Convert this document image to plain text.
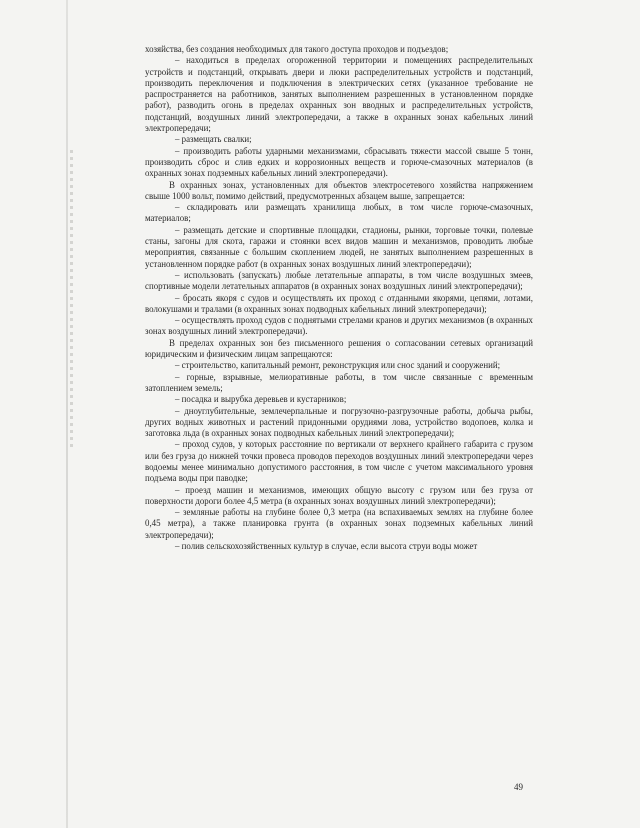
хозяйства, без создания необходимых для такого доступа проходов и подъездов;

– находиться в пределах огороженной территории и помещениях распределительных устройств и подстанций, открывать двери и люки распределительных устройств и подстанций, производить переключения и подключения в электрических сетях (указанное требование не распространяется на работников, занятых выполнением разрешенных в установленном порядке работ), разводить огонь в пределах охранных зон вводных и распределительных устройств, подстанций, воздушных линий электропередачи, а также в охранных зонах кабельных линий электропередачи;

– размещать свалки;

– производить работы ударными механизмами, сбрасывать тяжести массой свыше 5 тонн, производить сброс и слив едких и коррозионных веществ и горюче-смазочных материалов (в охранных зонах подземных кабельных линий электропередачи).

В охранных зонах, установленных для объектов электросетевого хозяйства напряжением свыше 1000 вольт, помимо действий, предусмотренных абзацем выше, запрещается:

– складировать или размещать хранилища любых, в том числе горюче-смазочных, материалов;

– размещать детские и спортивные площадки, стадионы, рынки, торговые точки, полевые станы, загоны для скота, гаражи и стоянки всех видов машин и механизмов, проводить любые мероприятия, связанные с большим скоплением людей, не занятых выполнением разрешенных в установленном порядке работ (в охранных зонах воздушных линий электропередачи);

– использовать (запускать) любые летательные аппараты, в том числе воздушных змеев, спортивные модели летательных аппаратов (в охранных зонах воздушных линий электропередачи);

– бросать якоря с судов и осуществлять их проход с отданными якорями, цепями, лотами, волокушами и тралами (в охранных зонах подводных кабельных линий электропередачи);

– осуществлять проход судов с поднятыми стрелами кранов и других механизмов (в охранных зонах воздушных линий электропередачи).

В пределах охранных зон без письменного решения о согласовании сетевых организаций юридическим и физическим лицам запрещаются:

– строительство, капитальный ремонт, реконструкция или снос зданий и сооружений;

– горные, взрывные, мелиоративные работы, в том числе связанные с временным затоплением земель;

– посадка и вырубка деревьев и кустарников;

– дноуглубительные, землечерпальные и погрузочно-разгрузочные работы, добыча рыбы, других водных животных и растений придонными орудиями лова, устройство водопоев, колка и заготовка льда (в охранных зонах подводных кабельных линий электропередачи);

– проход судов, у которых расстояние по вертикали от верхнего крайнего габарита с грузом или без груза до нижней точки провеса проводов переходов воздушных линий электропередачи через водоемы менее минимально допустимого расстояния, в том числе с учетом максимального уровня подъема воды при паводке;

– проезд машин и механизмов, имеющих общую высоту с грузом или без груза от поверхности дороги более 4,5 метра (в охранных зонах воздушных линий электропередачи);

– земляные работы на глубине более 0,3 метра (на вспахиваемых землях на глубине более 0,45 метра), а также планировка грунта (в охранных зонах подземных кабельных линий электропередачи);

– полив сельскохозяйственных культур в случае, если высота струи воды может

49
